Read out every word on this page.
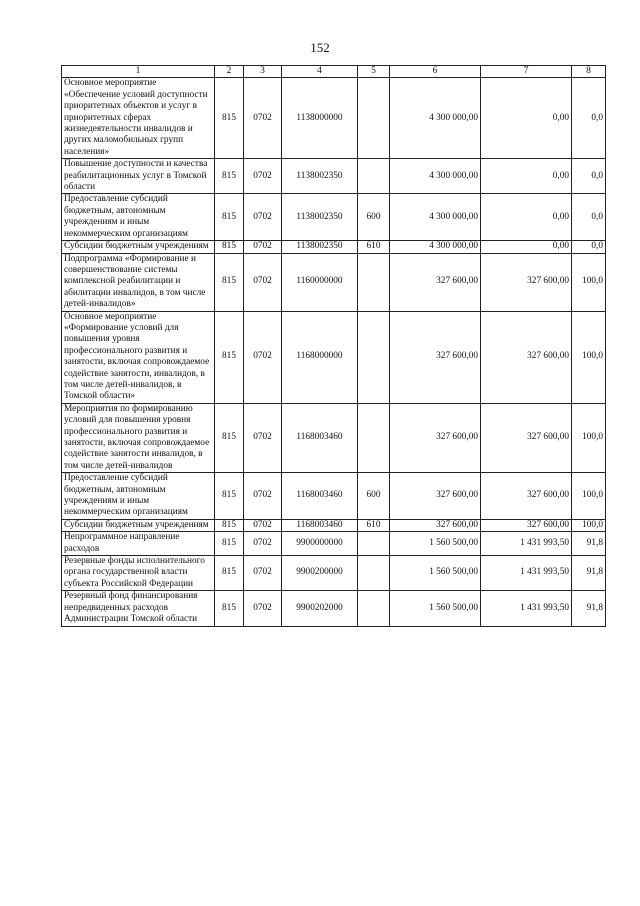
152
1	2	3	4	5	6	7	8
Основное мероприятие «Обеспечение условий доступности приоритетных объектов и услуг в приоритетных сферах жизнедеятельности инвалидов и других маломобильных групп населения»	815	0702	1138000000		4 300 000,00	0,00	0,0
Повышение доступности и качества реабилитационных услуг в Томской области	815	0702	1138002350		4 300 000,00	0,00	0,0
Предоставление субсидий бюджетным, автономным учреждениям и иным некоммерческим организациям	815	0702	1138002350	600	4 300 000,00	0,00	0,0
Субсидии бюджетным учреждениям	815	0702	1138002350	610	4 300 000,00	0,00	0,0
Подпрограмма «Формирование и совершенствование системы комплексной реабилитации и абилитации инвалидов, в том числе детей-инвалидов»	815	0702	1160000000		327 600,00	327 600,00	100,0
Основное мероприятие «Формирование условий для повышения уровня профессионального развития и занятости, включая сопровождаемое содействие занятости, инвалидов, в том числе детей-инвалидов, в Томской области»	815	0702	1168000000		327 600,00	327 600,00	100,0
Мероприятия по формированию условий для повышения уровня профессионального развития и занятости, включая сопровождаемое содействие занятости инвалидов, в том числе детей-инвалидов	815	0702	1168003460		327 600,00	327 600,00	100,0
Предоставление субсидий бюджетным, автономным учреждениям и иным некоммерческим организациям	815	0702	1168003460	600	327 600,00	327 600,00	100,0
Субсидии бюджетным учреждениям	815	0702	1168003460	610	327 600,00	327 600,00	100,0
Непрограммное направление расходов	815	0702	9900000000		1 560 500,00	1 431 993,50	91,8
Резервные фонды исполнительного органа государственной власти субъекта Российской Федерации	815	0702	9900200000		1 560 500,00	1 431 993,50	91,8
Резервный фонд финансирования непредвиденных расходов Администрации Томской области	815	0702	9900202000		1 560 500,00	1 431 993,50	91,8
